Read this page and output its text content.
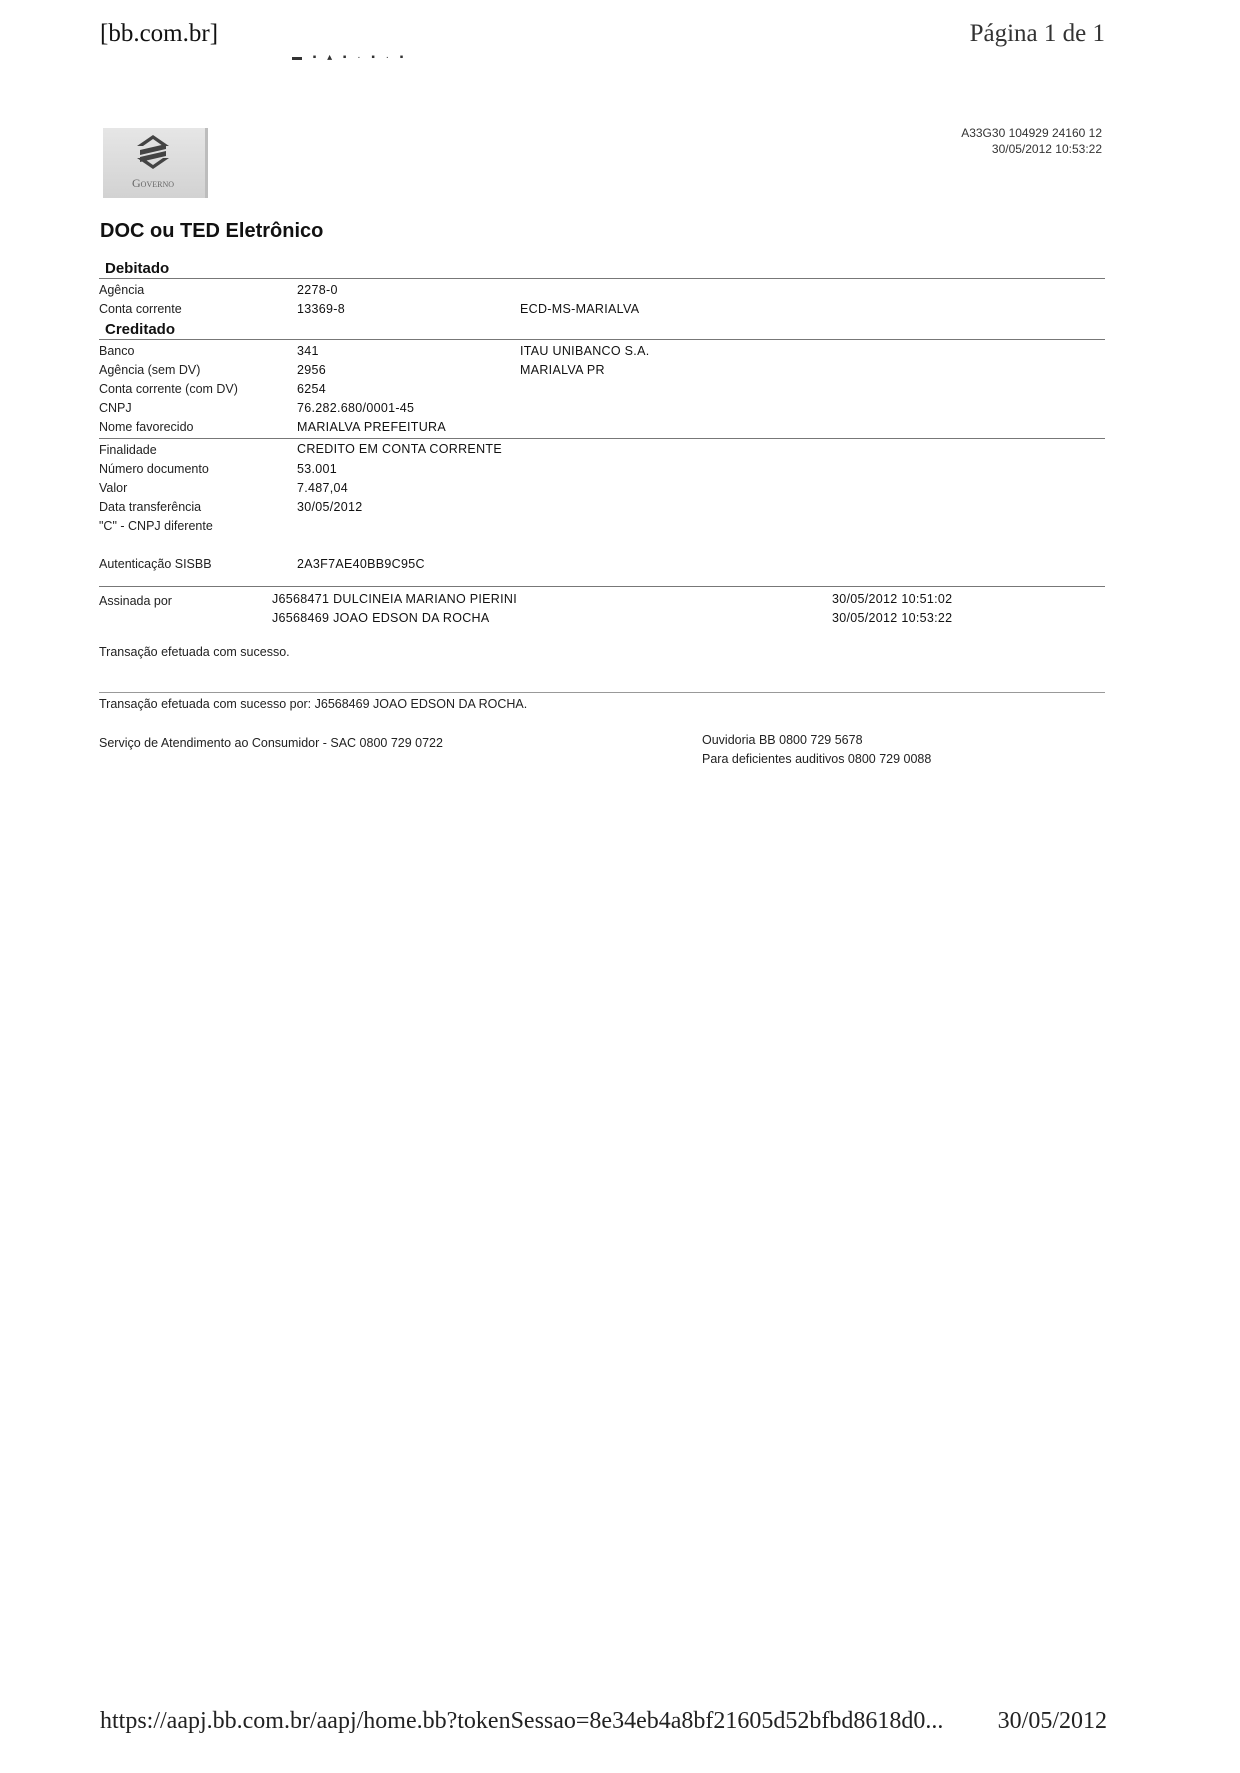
[bb.com.br]	Página 1 de 1
▬ ▪ ▴ ▪ · ▪ · ▪
Governo
A33G30 104929 24160 12
30/05/2012 10:53:22
DOC ou TED Eletrônico
Debitado
Agência	2278-0
Conta corrente	13369-8	ECD-MS-MARIALVA
Creditado
Banco	341	ITAU UNIBANCO S.A.
Agência (sem DV)	2956	MARIALVA PR
Conta corrente (com DV)	6254
CNPJ	76.282.680/0001-45
Nome favorecido	MARIALVA PREFEITURA
Finalidade	CREDITO EM CONTA CORRENTE
Número documento	53.001
Valor	7.487,04
Data transferência	30/05/2012
"C" - CNPJ diferente
Autenticação SISBB	2A3F7AE40BB9C95C
Assinada por	J6568471 DULCINEIA MARIANO PIERINI	30/05/2012 10:51:02
J6568469 JOAO EDSON DA ROCHA	30/05/2012 10:53:22
Transação efetuada com sucesso.
Transação efetuada com sucesso por: J6568469 JOAO EDSON DA ROCHA.
Serviço de Atendimento ao Consumidor - SAC 0800 729 0722	Ouvidoria BB 0800 729 5678
Para deficientes auditivos 0800 729 0088
https://aapj.bb.com.br/aapj/home.bb?tokenSessao=8e34eb4a8bf21605d52bfbd8618d0... 30/05/2012
